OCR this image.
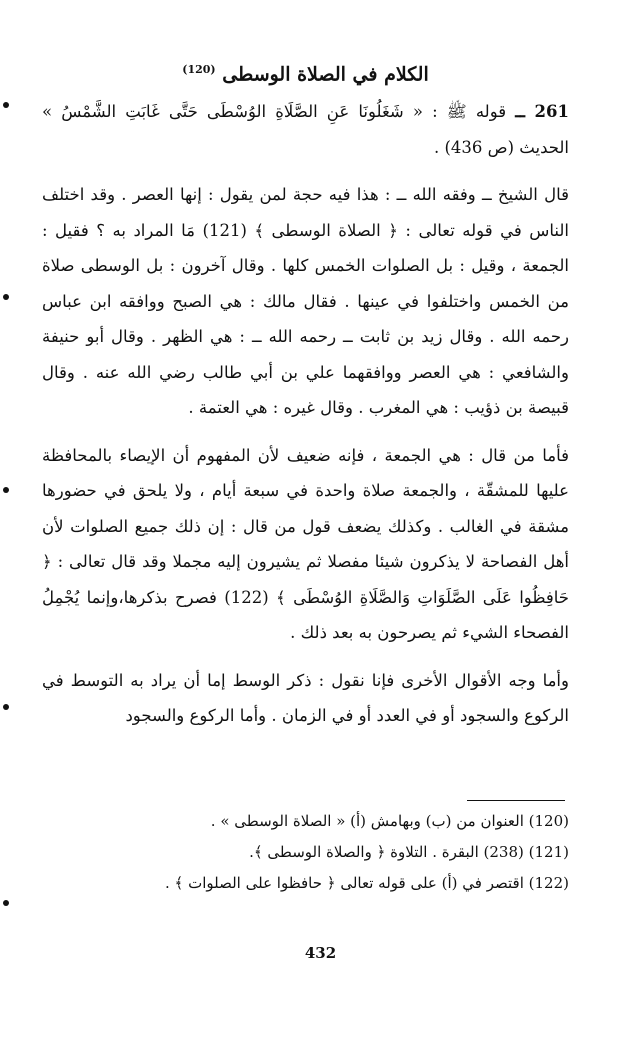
الكلام في الصلاة الوسطى $^{(120)}$

261 ــ قوله ﷺ : « شَغَلُونَا عَنِ الصَّلَاةِ الوُسْطَى حَتَّى غَابَتِ الشَّمْسُ » الحديث (ص 436) .

قال الشيخ ــ وفقه الله ــ : هذا فيه حجة لمن يقول : إنها العصر . وقد اختلف الناس في قوله تعالى : ﴿ الصلاة الوسطى ﴾ (121) مَا المراد به ؟ فقيل : الجمعة ، وقيل : بل الصلوات الخمس كلها . وقال آخرون : بل الوسطى صلاة من الخمس واختلفوا في عينها . فقال مالك : هي الصبح ووافقه ابن عباس رحمه الله . وقال زيد بن ثابت ــ رحمه الله ــ : هي الظهر . وقال أبو حنيفة والشافعي : هي العصر ووافقهما علي بن أبي طالب رضي الله عنه . وقال قبيصة بن ذؤيب : هي المغرب . وقال غيره : هي العتمة .

فأما من قال : هي الجمعة ، فإنه ضعيف لأن المفهوم أن الإيصاء بالمحافظة عليها للمشقّة ، والجمعة صلاة واحدة في سبعة أيام ، ولا يلحق في حضورها مشقة في الغالب . وكذلك يضعف قول من قال : إن ذلك جميع الصلوات لأن أهل الفصاحة لا يذكرون شيئا مفصلا ثم يشيرون إليه مجملا وقد قال تعالى : ﴿ حَافِظُوا عَلَى الصَّلَوَاتِ وَالصَّلَاةِ الوُسْطَى ﴾ (122) فصرح بذكرها،وإنما يُجْمِلُ الفصحاء الشيء ثم يصرحون به بعد ذلك .

وأما وجه الأقوال الأخرى فإنا نقول : ذكر الوسط إما أن يراد به التوسط في الركوع والسجود أو في العدد أو في الزمان . وأما الركوع والسجود

(120) العنوان من (ب) وبهامش (أ) « الصلاة الوسطى » .

(121) (238) البقرة . التلاوة ﴿ والصلاة الوسطى ﴾.

(122) اقتصر في (أ) على قوله تعالى ﴿ حافظوا على الصلوات ﴾ .

432
